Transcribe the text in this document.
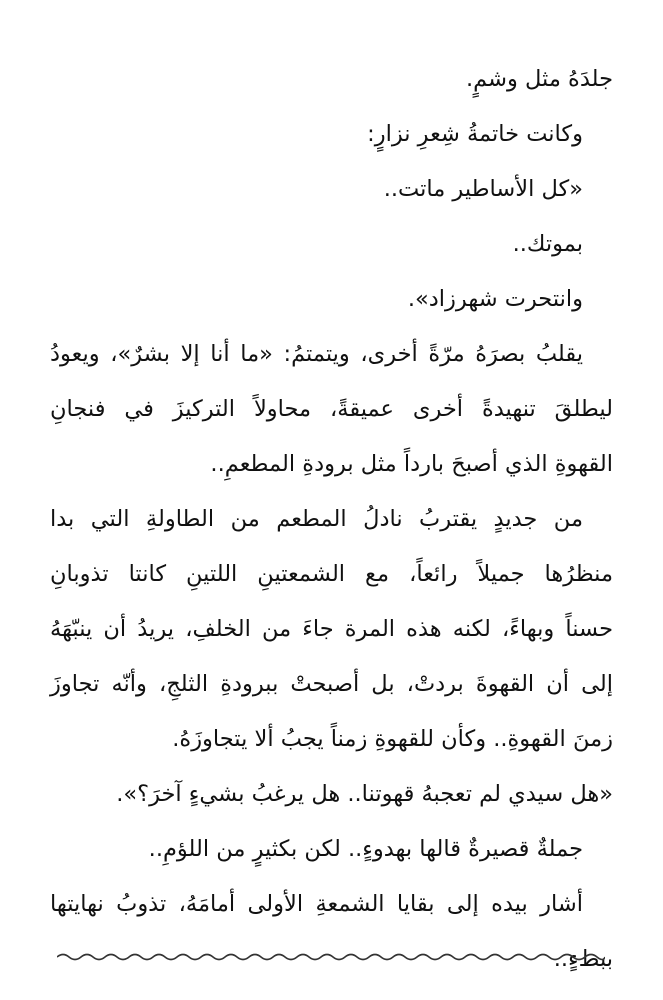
جلدَهُ مثل وشمٍ.
وكانت خاتمةُ شِعرِ نزارٍ:
«كل الأساطير ماتت..
بموتك..
وانتحرت شهرزاد».
يقلبُ بصرَهُ مرّةً أخرى، ويتمتمُ: «ما أنا إلا بشرٌ»، ويعودُ
ليطلقَ تنهيدةً أخرى عميقةً، محاولاً التركيزَ في فنجانِ
القهوةِ الذي أصبحَ بارداً مثل برودةِ المطعمِ..
من جديدٍ يقتربُ نادلُ المطعم من الطاولةِ التي بدا
منظرُها جميلاً رائعاً، مع الشمعتينِ اللتينِ كانتا تذوبانِ
حسناً وبهاءً، لكنه هذه المرة جاءَ من الخلفِ، يريدُ أن ينبّهَهُ
إلى أن القهوةَ بردتْ، بل أصبحتْ ببرودةِ الثلجِ، وأنّه تجاوزَ
زمنَ القهوةِ.. وكأن للقهوةِ زمناً يجبُ ألا يتجاوزَهُ.
«هل سيدي لم تعجبهُ قهوتنا.. هل يرغبُ بشيءٍ آخرَ؟».
جملةٌ قصيرةٌ قالها بهدوءٍ.. لكن بكثيرٍ من اللؤمِ..
أشار بيده إلى بقايا الشمعةِ الأولى أمامَهُ، تذوبُ نهايتها
ببطءٍ..
